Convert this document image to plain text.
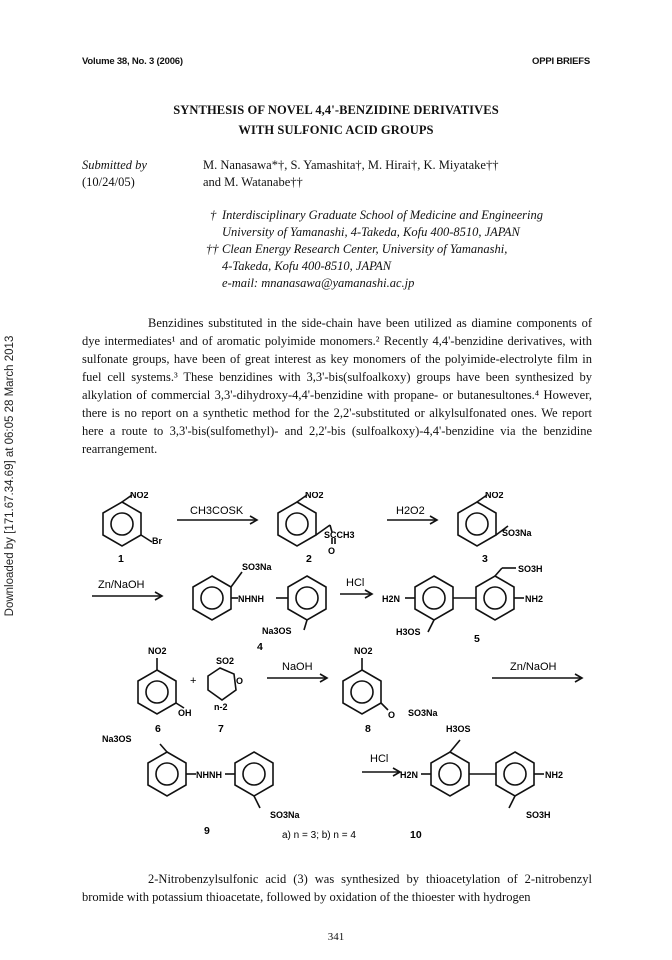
Volume 38, No. 3 (2006)	OPPI BRIEFS
Downloaded by [171.67.34.69] at 06:05 28 March 2013
SYNTHESIS OF NOVEL 4,4'-BENZIDINE DERIVATIVES
WITH SULFONIC ACID GROUPS
Submitted by
(10/24/05)
M. Nanasawa*†, S. Yamashita†, M. Hirai†, K. Miyatake††
and M. Watanabe††
† Interdisciplinary Graduate School of Medicine and Engineering
University of Yamanashi, 4-Takeda, Kofu 400-8510, JAPAN
†† Clean Energy Research Center, University of Yamanashi,
4-Takeda, Kofu 400-8510, JAPAN
e-mail: mnanasawa@yamanashi.ac.jp

Benzidines substituted in the side-chain have been utilized as diamine components of dye intermediates¹ and of aromatic polyimide monomers.² Recently 4,4'-benzidine derivatives, with sulfonate groups, have been of great interest as key monomers of the polyimide-electrolyte film in fuel cell systems.³ These benzidines with 3,3'-bis(sulfoalkoxy) groups have been synthesized by alkylation of commercial 3,3'-dihydroxy-4,4'-benzidine with propane- or butanesultones.⁴ However, there is no report on a synthetic method for the 2,2'-substituted or alkylsulfonated ones. We report here a route to 3,3'-bis(sulfomethyl)- and 2,2'-bis (sulfoalkoxy)-4,4'-benzidine via the benzidine rearrangement.

NO2
Br
1
CH3COSK
NO2
SCCH3
O
2
H2O2
NO2
SO3Na
3
Zn/NaOH
SO3Na
NHNH
Na3OS
4
HCl
H2N	NH2
SO3H
H3OS
5
NO2
OH
6
+
SO2
O
n-2
7
NaOH
NO2
O SO3Na
8
Zn/NaOH
Na3OS
NHNH
SO3Na
9
HCl
H3OS
H2N	NH2
SO3H
a) n = 3; b) n = 4	10

2-Nitrobenzylsulfonic acid (3) was synthesized by thioacetylation of 2-nitrobenzyl bromide with potassium thioacetate, followed by oxidation of the thioester with hydrogen

341
